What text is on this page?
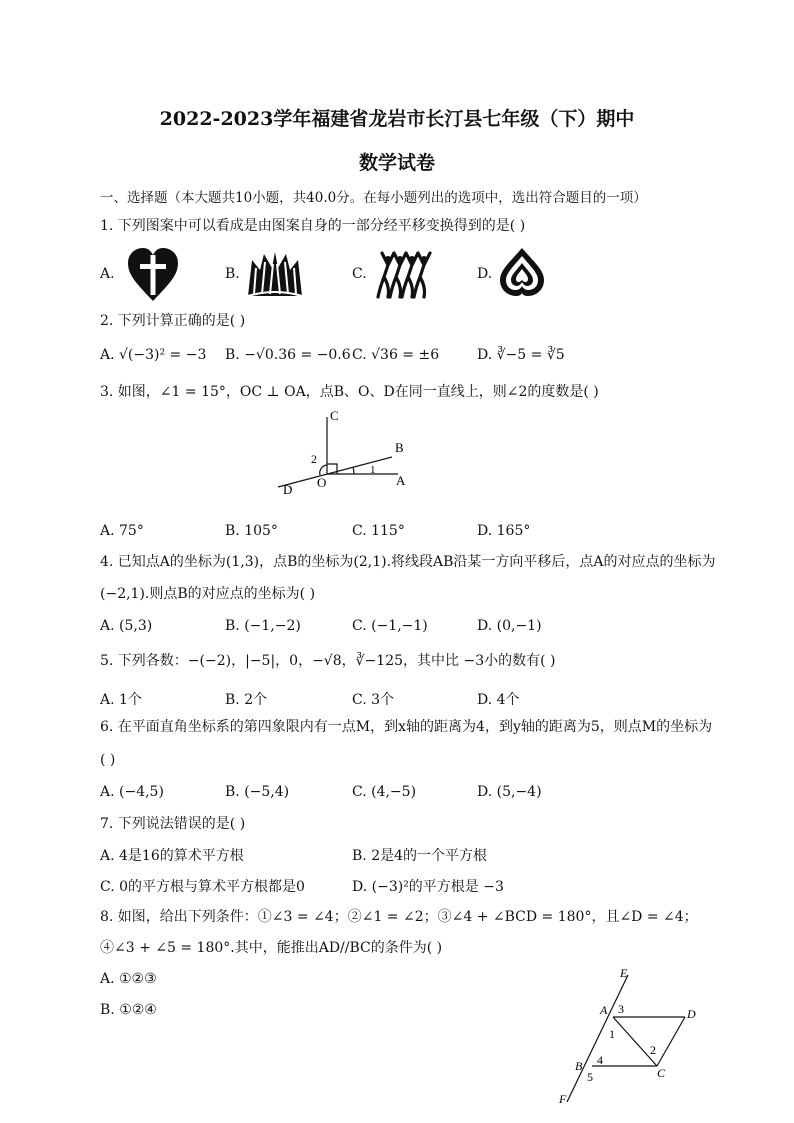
2022-2023学年福建省龙岩市长汀县七年级（下）期中
数学试卷
一、选择题（本大题共10小题，共40.0分。在每小题列出的选项中，选出符合题目的一项）
1. 下列图案中可以看成是由图案自身的一部分经平移变换得到的是( )
A.	B.	C.	D.
2. 下列计算正确的是( )
A. √(−3)² = −3 B. −√0.36 = −0.6 C. √36 = ±6	D. ∛−5 = ∛5
3. 如图，∠1 = 15°，OC ⊥ OA，点B、O、D在同一直线上，则∠2的度数是( )
C
B
A
D O
1
2
A. 75°	B. 105°	C. 115°	D. 165°
4. 已知点A的坐标为(1,3)，点B的坐标为(2,1).将线段AB沿某一方向平移后，点A的对应点的坐标为
(−2,1).则点B的对应点的坐标为( )
A. (5,3)	B. (−1,−2)	C. (−1,−1)	D. (0,−1)
5. 下列各数：−(−2)，|−5|，0，−√8，∛−125，其中比 −3小的数有( )
A. 1个	B. 2个	C. 3个	D. 4个
6. 在平面直角坐标系的第四象限内有一点M，到x轴的距离为4，到y轴的距离为5，则点M的坐标为
( )
A. (−4,5)	B. (−5,4)	C. (4,−5)	D. (5,−4)
7. 下列说法错误的是( )
A. 4是16的算术平方根	B. 2是4的一个平方根
C. 0的平方根与算术平方根都是0	D. (−3)²的平方根是 −3
8. 如图，给出下列条件：①∠3 = ∠4；②∠1 = ∠2；③∠4 + ∠BCD = 180°，且∠D = ∠4；
④∠3 + ∠5 = 180°.其中，能推出AD//BC的条件为( )
A. ①②③
B. ①②④
E
A 3
1
D
2
B 4
5	C
F
